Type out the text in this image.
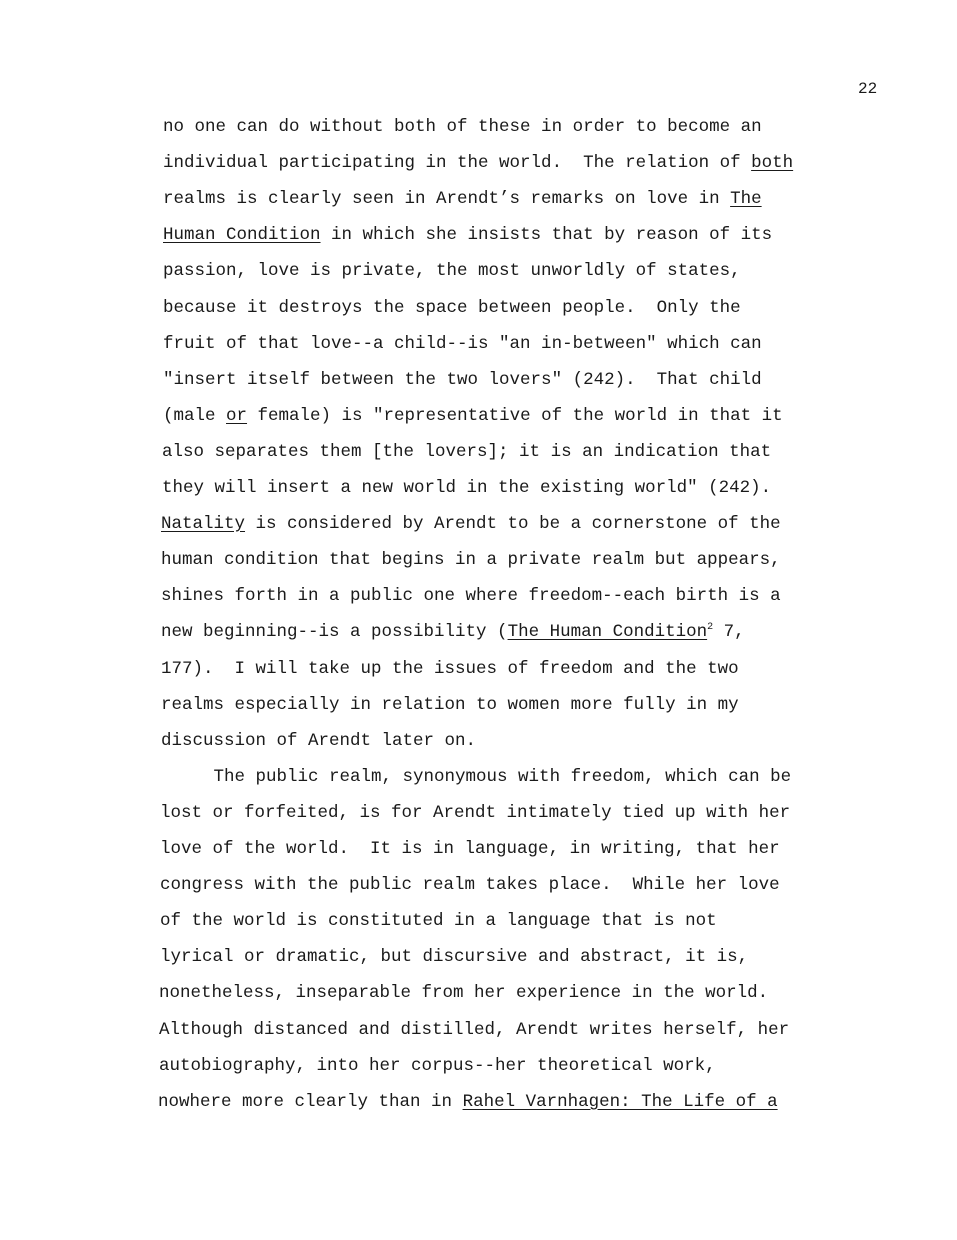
22
no one can do without both of these in order to become an
individual participating in the world.  The relation of both
realms is clearly seen in Arendt’s remarks on love in The
Human Condition in which she insists that by reason of its
passion, love is private, the most unworldly of states,
because it destroys the space between people.  Only the
fruit of that love--a child--is "an in-between" which can
"insert itself between the two lovers" (242).  That child
(male or female) is "representative of the world in that it
also separates them [the lovers]; it is an indication that
they will insert a new world in the existing world" (242).
Natality is considered by Arendt to be a cornerstone of the
human condition that begins in a private realm but appears,
shines forth in a public one where freedom--each birth is a
new beginning--is a possibility (The Human Condition$^2$ 7,
177).  I will take up the issues of freedom and the two
realms especially in relation to women more fully in my
discussion of Arendt later on.
The public realm, synonymous with freedom, which can be
lost or forfeited, is for Arendt intimately tied up with her
love of the world.  It is in language, in writing, that her
congress with the public realm takes place.  While her love
of the world is constituted in a language that is not
lyrical or dramatic, but discursive and abstract, it is,
nonetheless, inseparable from her experience in the world.
Although distanced and distilled, Arendt writes herself, her
autobiography, into her corpus--her theoretical work,
nowhere more clearly than in Rahel Varnhagen: The Life of a
